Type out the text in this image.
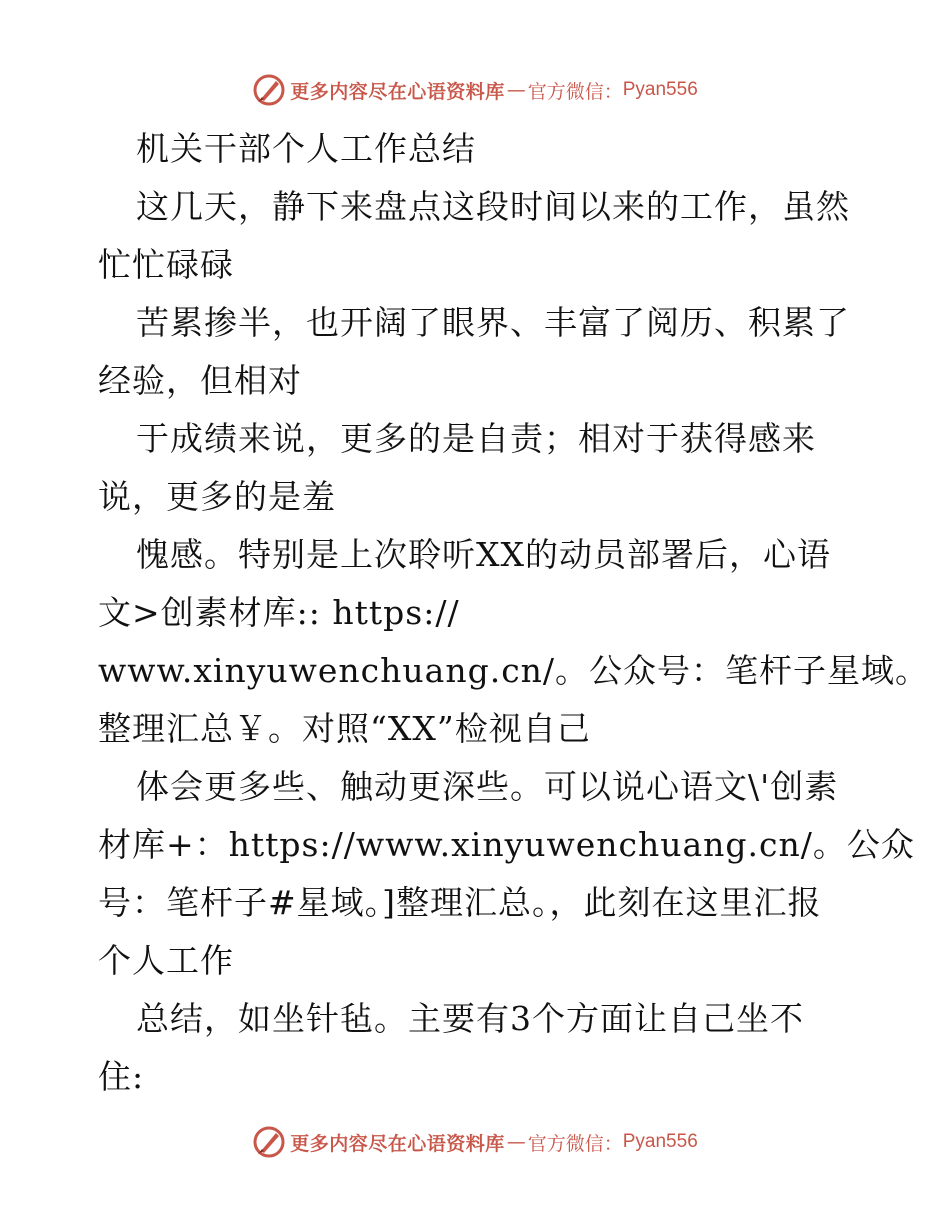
更多内容尽在心语资料库 — 官方微信： Pyan556
机关干部个人工作总结
这几天，静下来盘点这段时间以来的工作，虽然
忙忙碌碌
苦累掺半，也开阔了眼界、丰富了阅历、积累了
经验，但相对
于成绩来说，更多的是自责；相对于获得感来
说，更多的是羞
愧感。特别是上次聆听XX的动员部署后，心语
文>创素材库:: https://
www.xinyuwenchuang.cn/。公众号：笔杆子星域。
整理汇总￥。对照“XX”检视自己
体会更多些、触动更深些。可以说心语文\'创素
材库+：https://www.xinyuwenchuang.cn/。公众
号：笔杆子#星域。]整理汇总。，此刻在这里汇报
个人工作
总结，如坐针毡。主要有3个方面让自己坐不
住:
更多内容尽在心语资料库 — 官方微信： Pyan556
